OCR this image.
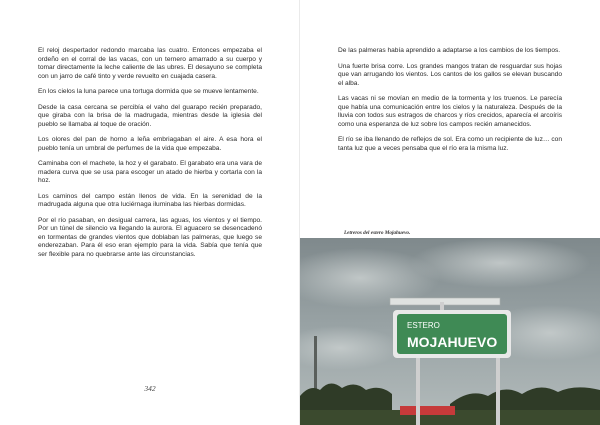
El reloj despertador redondo marcaba las cuatro. Entonces empezaba el ordeño en el corral de las vacas, con un ternero amarrado a su cuerpo y tomar directamente la leche caliente de las ubres. El desayuno se completa con un jarro de café tinto y verde revuelto en cuajada casera.

En los cielos la luna parece una tortuga dormida que se mueve lentamente.

Desde la casa cercana se percibía el vaho del guarapo recién preparado, que giraba con la brisa de la madrugada, mientras desde la iglesia del pueblo se llamaba al toque de oración.

Los olores del pan de horno a leña embriagaban el aire. A esa hora el pueblo tenía un umbral de perfumes de la vida que empezaba.

Caminaba con el machete, la hoz y el garabato. El garabato era una vara de madera curva que se usa para escoger un atado de hierba y cortarla con la hoz.

Los caminos del campo están llenos de vida. En la serenidad de la madrugada alguna que otra luciérnaga iluminaba las hierbas dormidas.

Por el río pasaban, en desigual carrera, las aguas, los vientos y el tiempo. Por un túnel de silencio va llegando la aurora. El aguacero se desencadenó en tormentas de grandes vientos que doblaban las palmeras, que luego se enderezaban. Para él eso eran ejemplo para la vida. Sabía que tenía que ser flexible para no quebrarse ante las circunstancias.

342

De las palmeras había aprendido a adaptarse a los cambios de los tiempos.

Una fuerte brisa corre. Los grandes mangos tratan de resguardar sus hojas que van arrugando los vientos. Los cantos de los gallos se elevan buscando el alba.

Las vacas ni se movían en medio de la tormenta y los truenos. Le parecía que había una comunicación entre los cielos y la naturaleza. Después de la lluvia con todos sus estragos de charcos y ríos crecidos, aparecía el arcoíris como una esperanza de luz sobre los campos recién amanecidos.

El río se iba llenando de reflejos de sol. Era como un recipiente de luz… con tanta luz que a veces pensaba que el río era la misma luz.

Letreros del estero Mojahuevo.
ESTERO
MOJAHUEVO
